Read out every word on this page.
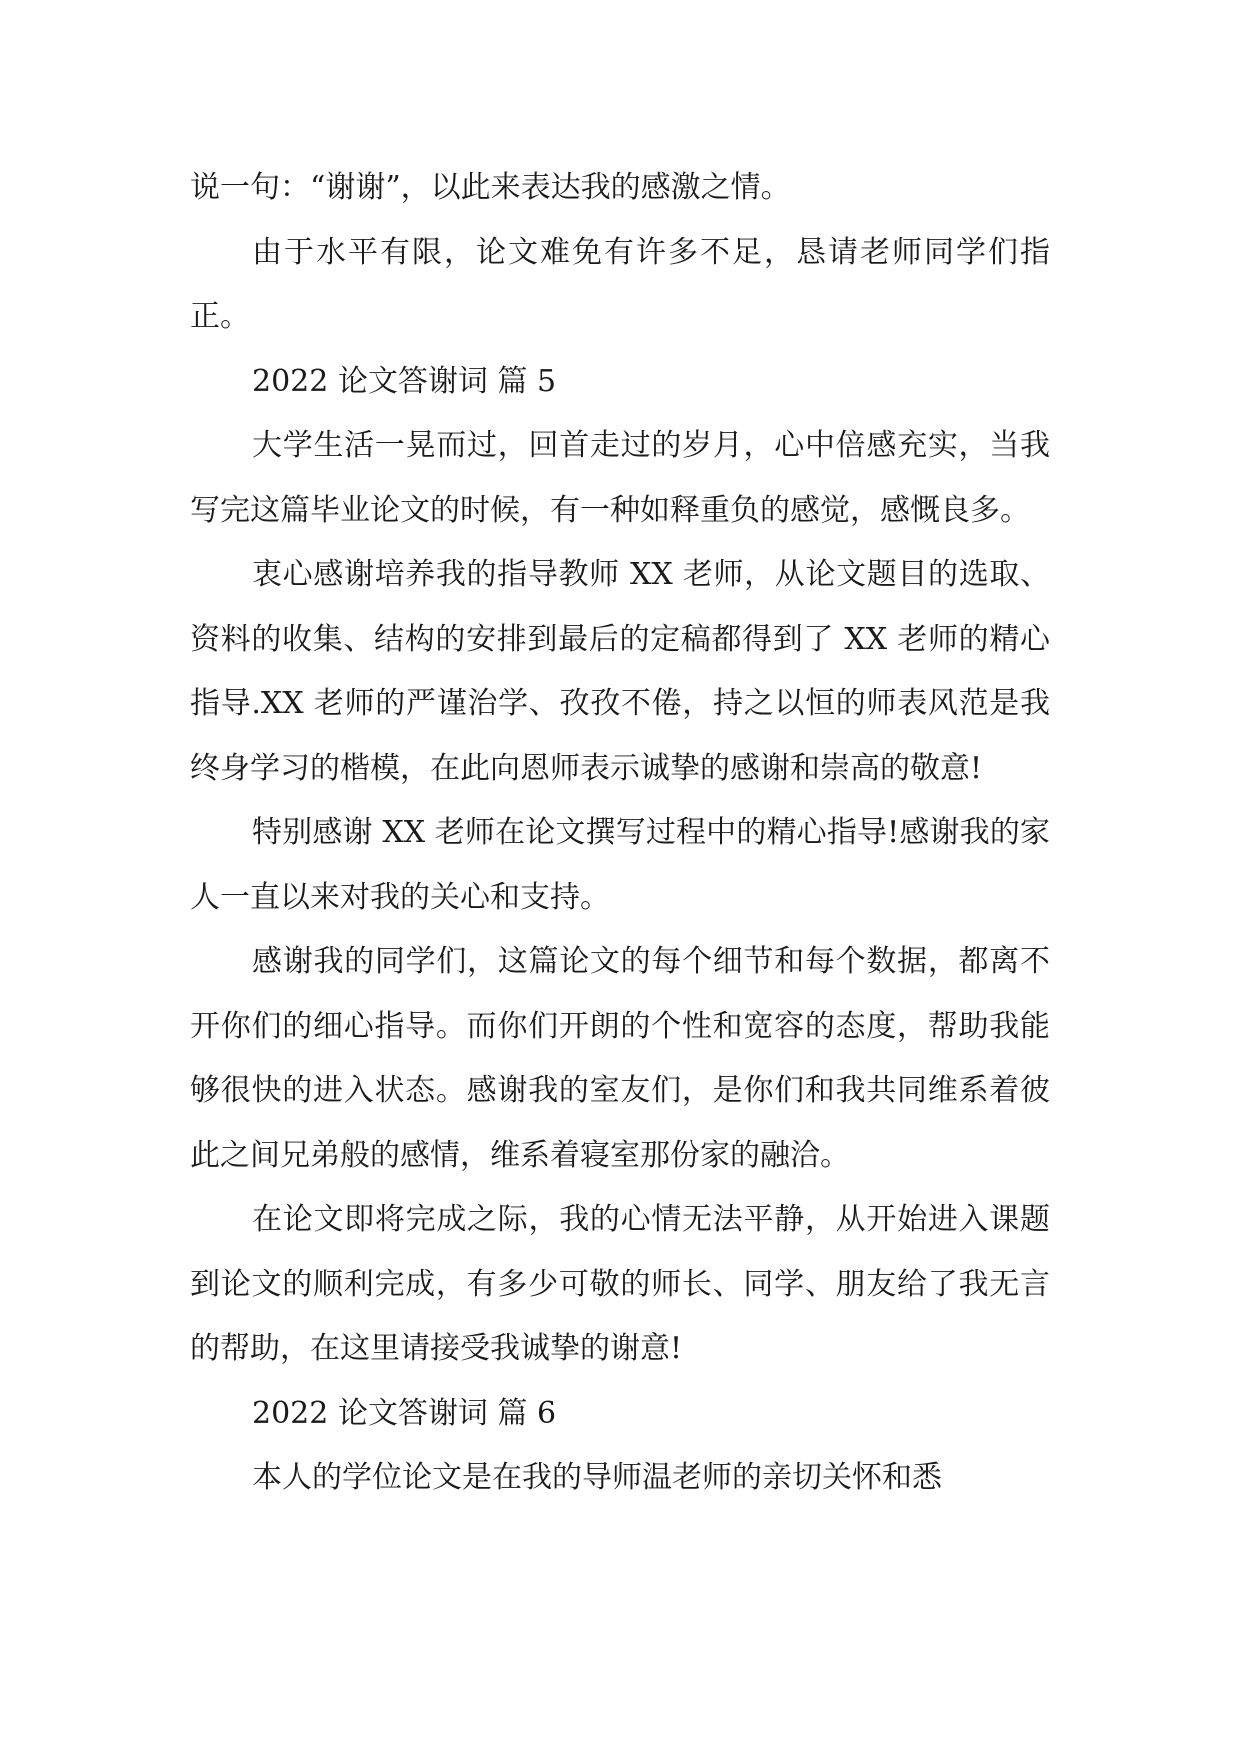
说一句：“谢谢”，以此来表达我的感激之情。

由于水平有限，论文难免有许多不足，恳请老师同学们指正。

2022 论文答谢词 篇 5

大学生活一晃而过，回首走过的岁月，心中倍感充实，当我写完这篇毕业论文的时候，有一种如释重负的感觉，感慨良多。

衷心感谢培养我的指导教师 XX 老师，从论文题目的选取、资料的收集、结构的安排到最后的定稿都得到了 XX 老师的精心指导.XX 老师的严谨治学、孜孜不倦，持之以恒的师表风范是我终身学习的楷模，在此向恩师表示诚挚的感谢和崇高的敬意!

特别感谢 XX 老师在论文撰写过程中的精心指导!感谢我的家人一直以来对我的关心和支持。

感谢我的同学们，这篇论文的每个细节和每个数据，都离不开你们的细心指导。而你们开朗的个性和宽容的态度，帮助我能够很快的进入状态。感谢我的室友们，是你们和我共同维系着彼此之间兄弟般的感情，维系着寝室那份家的融洽。

在论文即将完成之际，我的心情无法平静，从开始进入课题到论文的顺利完成，有多少可敬的师长、同学、朋友给了我无言的帮助，在这里请接受我诚挚的谢意!

2022 论文答谢词 篇 6

本人的学位论文是在我的导师温老师的亲切关怀和悉
